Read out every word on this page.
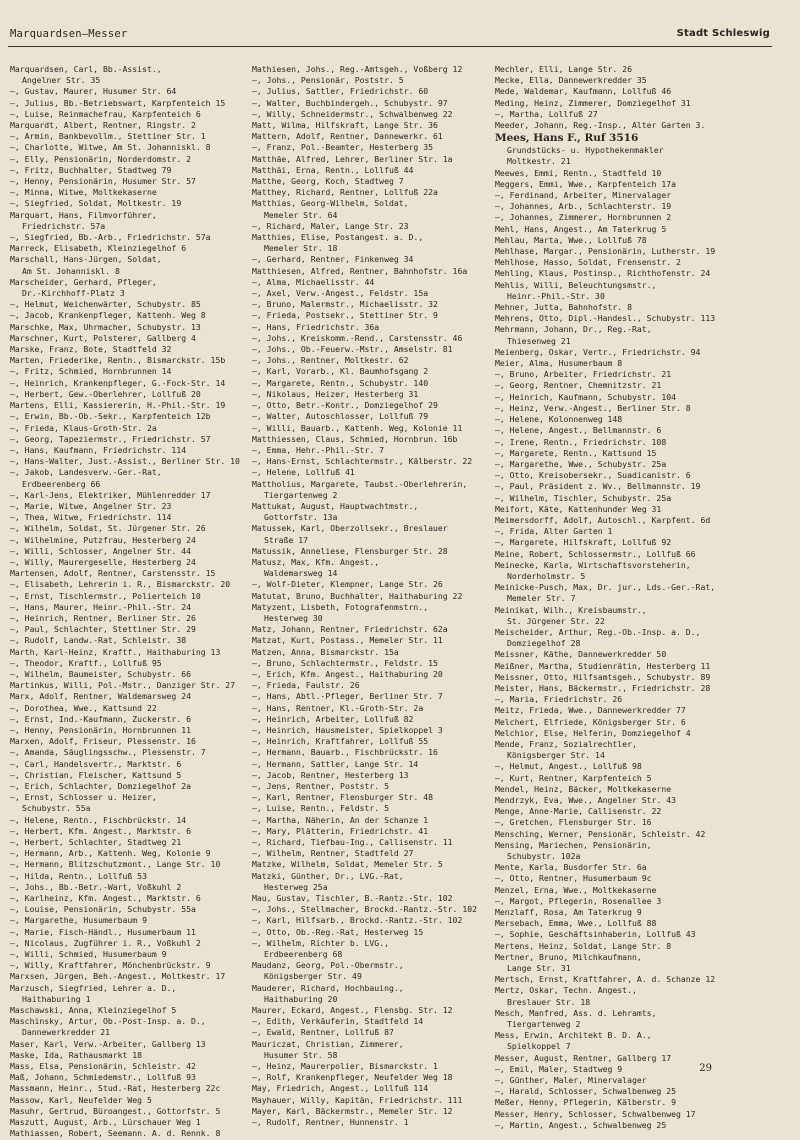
Marquardsen—Messer	Stadt Schleswig
Marquardsen, Carl, Bb.-Assist.,
Angelner Str. 35
—, Gustav, Maurer, Husumer Str. 64
—, Julius, Bb.-Betriebswart, Karpfenteich 15
—, Luise, Reinmachefrau, Karpfenteich 6
Marquardt, Albert, Rentner, Ringstr. 2
—, Armin, Bankbevollm., Stettiner Str. 1
—, Charlotte, Witwe, Am St. Johanniskl. 8
—, Elly, Pensionärin, Norderdomstr. 2
—, Fritz, Buchhalter, Stadtweg 79
—, Henny, Pensionärin, Husumer Str. 57
—, Minna, Witwe, Moltkekaserne
—, Siegfried, Soldat, Moltkestr. 19
Marquart, Hans, Filmvorführer,
Friedrichstr. 57a
—, Siegfried, Bb.-Arb., Friedrichstr. 57a
Marreck, Elisabeth, Kleinziegelhof 6
Marschall, Hans-Jürgen, Soldat,
Am St. Johanniskl. 8
Marscheider, Gerhard, Pfleger,
Dr.-Kirchhoff-Platz 3
—, Helmut, Weichenwärter, Schubystr. 85
—, Jacob, Krankenpfleger, Kattenh. Weg 8
Marschke, Max, Uhrmacher, Schubystr. 13
Marschner, Kurt, Polsterer, Gallberg 4
Marske, Franz, Bote, Stadtfeld 32
Marten, Friederike, Rentn., Bismarckstr. 15b
—, Fritz, Schmied, Hornbrunnen 14
—, Heinrich, Krankenpfleger, G.-Fock-Str. 14
—, Herbert, Gew.-Oberlehrer, Lollfuß 20
Martens, Elli, Kassiererin, H.-Phil.-Str. 19
—, Erwin, Bb.-Ob.-Sekr., Karpfenteich 12b
—, Frieda, Klaus-Groth-Str. 2a
—, Georg, Tapeziermstr., Friedrichstr. 57
—, Hans, Kaufmann, Friedrichstr. 114
—, Hans-Walter, Just.-Assist., Berliner Str. 10
—, Jakob, Landesverw.-Ger.-Rat,
Erdbeerenberg 66
—, Karl-Jens, Elektriker, Mühlenredder 17
—, Marie, Witwe, Angelner Str. 23
—, Thea, Witwe, Friedrichstr. 114
—, Wilhelm, Soldat, St. Jürgener Str. 26
—, Wilhelmine, Putzfrau, Hesterberg 24
—, Willi, Schlosser, Angelner Str. 44
—, Willy, Maurergeselle, Hesterberg 24
Martensen, Adolf, Rentner, Carstensstr. 15
—, Elisabeth, Lehrerin i. R., Bismarckstr. 20
—, Ernst, Tischlermstr., Polierteich 10
—, Hans, Maurer, Heinr.-Phil.-Str. 24
—, Heinrich, Rentner, Berliner Str. 26
—, Paul, Schlachter, Stettiner Str. 29
—, Rudolf, Landw.-Rat, Schleistr. 38
Marth, Karl-Heinz, Kraftf., Haithaburing 13
—, Theodor, Kraftf., Lollfuß 95
—, Wilhelm, Baumeister, Schubystr. 66
Martinkus, Willi, Pol.-Mstr., Danziger Str. 27
Marx, Adolf, Rentner, Waldemarsweg 24
—, Dorothea, Wwe., Kattsund 22
—, Ernst, Ind.-Kaufmann, Zuckerstr. 6
—, Henny, Pensionärin, Hornbrunnen 11
Marxen, Adolf, Friseur, Plessenstr. 16
—, Amanda, Säuglingsschw., Plessenstr. 7
—, Carl, Handelsvertr., Marktstr. 6
—, Christian, Fleischer, Kattsund 5
—, Erich, Schlachter, Domziegelhof 2a
—, Ernst, Schlosser u. Heizer,
Schubystr. 55a
—, Helene, Rentn., Fischbrückstr. 14
—, Herbert, Kfm. Angest., Marktstr. 6
—, Herbert, Schlachter, Stadtweg 21
—, Hermann, Arb., Kattenh. Weg, Kolonie 9
—, Hermann, Blitzschutzmont., Lange Str. 10
—, Hilda, Rentn., Lollfuß 53
—, Johs., Bb.-Betr.-Wart, Voßkuhl 2
—, Karlheinz, Kfm. Angest., Marktstr. 6
—, Louise, Pensionärin, Schubystr. 55a
—, Margarethe, Husumerbaum 9
—, Marie, Fisch-Händl., Husumerbaum 11
—, Nicolaus, Zugführer i. R., Voßkuhl 2
—, Willi, Schmied, Husumerbaum 9
—, Willy, Kraftfahrer, Mönchenbrückstr. 9
Marxsen, Jürgen, Beh.-Angest., Moltkestr. 17
Marzusch, Siegfried, Lehrer a. D.,
Haithaburing 1
Maschawski, Anna, Kleinziegelhof 5
Maschinsky, Artur, Ob.-Post-Insp. a. D.,
Dannewerkredder 21
Maser, Karl, Verw.-Arbeiter, Gallberg 13
Maske, Ida, Rathausmarkt 18
Mass, Elsa, Pensionärin, Schleistr. 42
Maß, Johann, Schmiedemstr., Lollfuß 93
Massmann, Heinr., Stud.-Rat, Hesterberg 22c
Massow, Karl, Neufelder Weg 5
Masuhr, Gertrud, Büroangest., Gottorfstr. 5
Maszutt, August, Arb., Lürschauer Weg 1
Mathiassen, Robert, Seemann. A. d. Rennk. 8
Mathiesen, Johs., Reg.-Amtsgeh., Voßberg 12
—, Johs., Pensionär, Poststr. 5
—, Julius, Sattler, Friedrichstr. 60
—, Walter, Buchbindergeh., Schubystr. 97
—, Willy, Schneidermstr., Schwalbenweg 22
Matt, Wilma, Hilfskraft, Lange Str. 36
Mattern, Adolf, Rentner, Dannewerkr. 61
—, Franz, Pol.-Beamter, Hesterberg 35
Matthäe, Alfred, Lehrer, Berliner Str. 1a
Matthäi, Erna, Rentn., Lollfuß 44
Matthe, Georg, Koch, Stadtweg 7
Matthey, Richard, Rentner, Lollfuß 22a
Matthias, Georg-Wilhelm, Soldat,
Memeler Str. 64
—, Richard, Maler, Lange Str. 23
Matthies, Elise, Postangest. a. D.,
Memeler Str. 18
—, Gerhard, Rentner, Finkenweg 34
Matthiesen, Alfred, Rentner, Bahnhofstr. 16a
—, Alma, Michaelisstr. 44
—, Axel, Verw.-Angest., Feldstr. 15a
—, Bruno, Malermstr., Michaelisstr. 32
—, Frieda, Postsekr., Stettiner Str. 9
—, Hans, Friedrichstr. 36a
—, Johs., Kreiskomm.-Rend., Carstensstr. 46
—, Johs., Ob.-Feuerw.-Mstr., Amselstr. 81
—, Johs., Rentner, Moltkestr. 62
—, Karl, Vorarb., Kl. Baumhofsgang 2
—, Margarete, Rentn., Schubystr. 140
—, Nikolaus, Heizer, Hesterberg 31
—, Otto, Betr.-Kontr., Domziegelhof 29
—, Walter, Autoschlosser, Lollfuß 79
—, Willi, Bauarb., Kattenh. Weg, Kolonie 11
Matthiessen, Claus, Schmied, Hornbrun. 16b
—, Emma, Hehr.-Phil.-Str. 7
—, Hans-Ernst, Schlachtermstr., Kälberstr. 22
—, Helene, Lollfuß 41
Mattholius, Margarete, Taubst.-Oberlehrerin,
Tiergartenweg 2
Mattukat, August, Hauptwachtmstr.,
Gottorfstr. 13a
Matussek, Karl, Oberzollsekr., Breslauer
Straße 17
Matussik, Anneliese, Flensburger Str. 28
Matusz, Max, Kfm. Angest.,
Waldemarsweg 14
—, Wolf-Dieter, Klempner, Lange Str. 26
Matutat, Bruno, Buchhalter, Haithaburing 22
Matyzent, Lisbeth, Fotografenmstrn.,
Hesterweg 30
Matz, Johann, Rentner, Friedrichstr. 62a
Matzat, Kurt, Postass., Memeler Str. 11
Matzen, Anna, Bismarckstr. 15a
—, Bruno, Schlachtermstr., Feldstr. 15
—, Erich, Kfm. Angest., Haithaburing 20
—, Frieda, Faulstr. 26
—, Hans, Abtl.-Pfleger, Berliner Str. 7
—, Hans, Rentner, Kl.-Groth-Str. 2a
—, Heinrich, Arbeiter, Lollfuß 82
—, Heinrich, Hausmeister, Spielkoppel 3
—, Heinrich, Kraftfahrer, Lollfuß 55
—, Hermann, Bauarb., Fischbrückstr. 16
—, Hermann, Sattler, Lange Str. 14
—, Jacob, Rentner, Hesterberg 13
—, Jens, Rentner, Poststr. 5
—, Karl, Rentner, Flensburger Str. 48
—, Luise, Rentn., Feldstr. 5
—, Martha, Näherin, An der Schanze 1
—, Mary, Plätterin, Friedrichstr. 41
—, Richard, Tiefbau-Ing., Callisenstr. 11
—, Wilhelm, Rentner, Stadtfeld 27
Matzke, Wilhelm, Soldat, Memeler Str. 5
Matzki, Günther, Dr., LVG.-Rat,
Hesterweg 25a
Mau, Gustav, Tischler, B.-Rantz.-Str. 102
—, Johs., Stellmacher, Brockd.-Rantz.-Str. 102
—, Karl, Hilfsarb., Brockd.-Rantz.-Str. 102
—, Otto, Ob.-Reg.-Rat, Hesterweg 15
—, Wilhelm, Richter b. LVG.,
Erdbeerenberg 68
Maudanz, Georg, Pol.-Obermstr.,
Königsberger Str. 49
Mauderer, Richard, Hochbauing.,
Haithaburing 20
Maurer, Eckard, Angest., Flensbg. Str. 12
—, Edith, Verkäuferin, Stadtfeld 14
—, Ewald, Rentner, Lollfuß 87
Mauriczat, Christian, Zimmerer,
Husumer Str. 58
—, Heinz, Maurerpolier, Bismarckstr. 1
—, Rolf, Krankenpfleger, Neufelder Weg 18
May, Friedrich, Angest., Lollfuß 114
Mayhauer, Willy, Kapitän, Friedrichstr. 111
Mayer, Karl, Bäckermstr., Memeler Str. 12
—, Rudolf, Rentner, Hunnenstr. 1
Mechler, Elli, Lange Str. 26
Mecke, Ella, Dannewerkredder 35
Mede, Waldemar, Kaufmann, Lollfuß 46
Meding, Heinz, Zimmerer, Domziegelhof 31
—, Martha, Lollfuß 27
Meeder, Johann, Reg.-Insp., Alter Garten 3.
Mees, Hans F., Ruf 3516
Grundstücks- u. Hypothekenmakler
Moltkestr. 21
Meewes, Emmi, Rentn., Stadtfeld 10
Meggers, Emmi, Wwe., Karpfenteich 17a
—, Ferdinand, Arbeiter, Minervalager
—, Johannes, Arb., Schlachterstr. 19
—, Johannes, Zimmerer, Hornbrunnen 2
Mehl, Hans, Angest., Am Taterkrug 5
Mehlau, Marta, Wwe., Lollfuß 78
Mehlhase, Margar., Pensionärin, Lutherstr. 19
Mehlhose, Hasso, Soldat, Frensenstr. 2
Mehling, Klaus, Postinsp., Richthofenstr. 24
Mehlis, Willi, Beleuchtungsmstr.,
Heinr.-Phil.-Str. 30
Mehner, Jutta, Bahnhofstr. 8
Mehrens, Otto, Dipl.-Handesl., Schubystr. 113
Mehrmann, Johann, Dr., Reg.-Rat,
Thiesenweg 21
Meienberg, Oskar, Vertr., Friedrichstr. 94
Meier, Alma, Husumerbaum 8
—, Bruno, Arbeiter, Friedrichstr. 21
—, Georg, Rentner, Chemnitzstr. 21
—, Heinrich, Kaufmann, Schubystr. 104
—, Heinz, Verw.-Angest., Berliner Str. 8
—, Helene, Kolonnenweg 148
—, Helene, Angest., Bellmannstr. 6
—, Irene, Rentn., Friedrichstr. 108
—, Margarete, Rentn., Kattsund 15
—, Margarethe, Wwe., Schubystr. 25a
—, Otto, Kreisobersekr., Suadicanistr. 6
—, Paul, Präsident z. Wv., Bellmannstr. 19
—, Wilhelm, Tischler, Schubystr. 25a
Meifort, Käte, Kattenhunder Weg 31
Meimersdorff, Adolf, Autoschl., Karpfent. 6d
—, Frida, Alter Garten 1
—, Margarete, Hilfskraft, Lollfuß 92
Meine, Robert, Schlossermstr., Lollfuß 66
Meinecke, Karla, Wirtschaftsvorsteherin,
Norderholmstr. 5
Meinicke-Pusch, Max, Dr. jur., Lds.-Ger.-Rat,
Memeler Str. 7
Meinikat, Wilh., Kreisbaumstr.,
St. Jürgener Str. 22
Meischeider, Arthur, Reg.-Ob.-Insp. a. D.,
Domziegelhof 28
Meissner, Käthe, Dannewerkredder 50
Meißner, Martha, Studienrätin, Hesterberg 11
Meissner, Otto, Hilfsamtsgeh., Schubystr. 89
Meister, Hans, Bäckermstr., Friedrichstr. 28
—, Maria, Friedrichstr. 26
Meitz, Frieda, Wwe., Dannewerkredder 77
Melchert, Elfriede, Königsberger Str. 6
Melchior, Else, Helferin, Domziegelhof 4
Mende, Franz, Sozialrechtler,
Königsberger Str. 14
—, Helmut, Angest., Lollfuß 98
—, Kurt, Rentner, Karpfenteich 5
Mendel, Heinz, Bäcker, Moltkekaserne
Mendrzyk, Eva, Wwe., Angelner Str. 43
Menge, Anne-Marie, Callisenstr. 22
—, Gretchen, Flensburger Str. 16
Mensching, Werner, Pensionär, Schleistr. 42
Mensing, Mariechen, Pensionärin,
Schubystr. 102a
Mente, Karla, Busdorfer Str. 6a
—, Otto, Rentner, Husumerbaum 9c
Menzel, Erna, Wwe., Moltkekaserne
—, Margot, Pflegerin, Rosenallee 3
Menzlaff, Rosa, Am Taterkrug 9
Mersebach, Emma, Wwe., Lollfuß 88
—, Sophie, Geschäftsinhaberin, Lollfuß 43
Mertens, Heinz, Soldat, Lange Str. 8
Mertner, Bruno, Milchkaufmann,
Lange Str. 31
Mertsch, Ernst, Kraftfahrer, A. d. Schanze 12
Mertz, Oskar, Techn. Angest.,
Breslauer Str. 18
Mesch, Manfred, Ass. d. Lehramts,
Tiergartenweg 2
Mess, Erwin, Architekt B. D. A.,
Spielkoppel 7
Messer, August, Rentner, Gallberg 17
—, Emil, Maler, Stadtweg 9
—, Günther, Maler, Minervalager
—, Harald, Schlosser, Schwalbenweg 25
Meßer, Henny, Pflegerin, Kälberstr. 9
Messer, Henry, Schlosser, Schwalbenweg 17
—, Martin, Angest., Schwalbenweg 25
29
